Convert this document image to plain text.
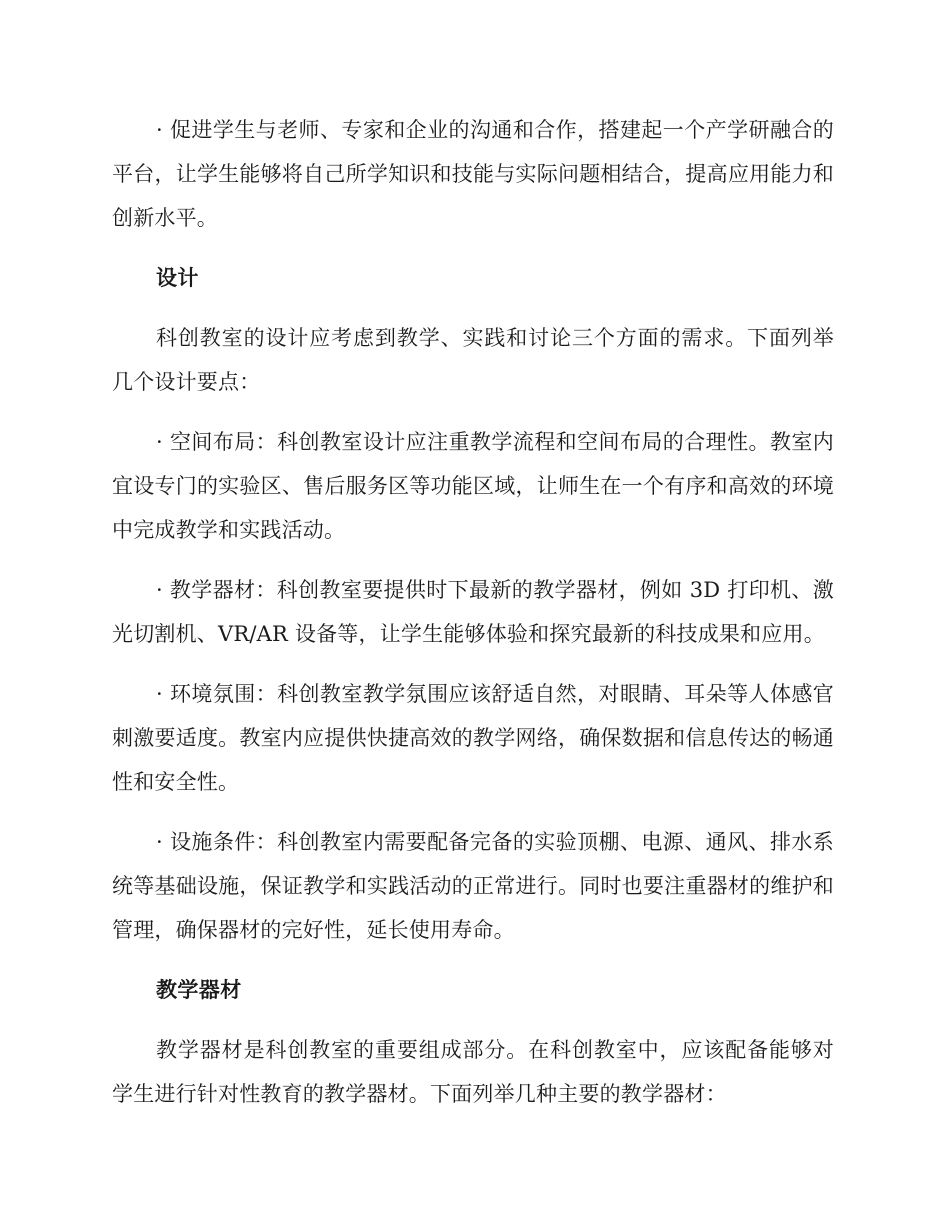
· 促进学生与老师、专家和企业的沟通和合作，搭建起一个产学研融合的平台，让学生能够将自己所学知识和技能与实际问题相结合，提高应用能力和创新水平。

设计

科创教室的设计应考虑到教学、实践和讨论三个方面的需求。下面列举几个设计要点：

· 空间布局：科创教室设计应注重教学流程和空间布局的合理性。教室内宜设专门的实验区、售后服务区等功能区域，让师生在一个有序和高效的环境中完成教学和实践活动。

· 教学器材：科创教室要提供时下最新的教学器材，例如 3D 打印机、激光切割机、VR/AR 设备等，让学生能够体验和探究最新的科技成果和应用。

· 环境氛围：科创教室教学氛围应该舒适自然，对眼睛、耳朵等人体感官刺激要适度。教室内应提供快捷高效的教学网络，确保数据和信息传达的畅通性和安全性。

· 设施条件：科创教室内需要配备完备的实验顶棚、电源、通风、排水系统等基础设施，保证教学和实践活动的正常进行。同时也要注重器材的维护和管理，确保器材的完好性，延长使用寿命。

教学器材

教学器材是科创教室的重要组成部分。在科创教室中，应该配备能够对学生进行针对性教育的教学器材。下面列举几种主要的教学器材：
